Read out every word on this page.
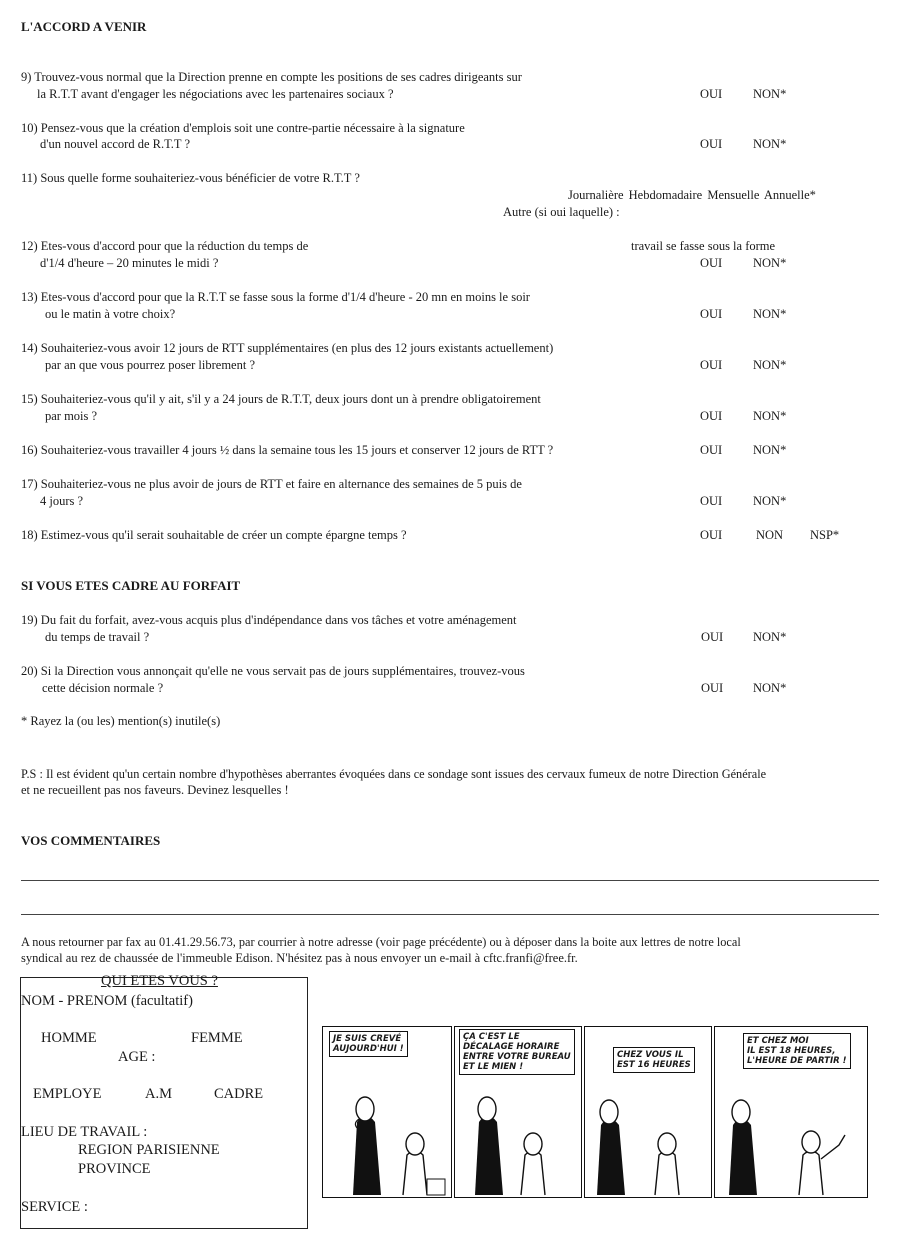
L'ACCORD A VENIR
9) Trouvez-vous normal que la Direction prenne en compte les positions de ses cadres dirigeants sur
la R.T.T avant d'engager les négociations avec les partenaires sociaux ?	OUI NON*
10) Pensez-vous que la création d'emplois soit une contre-partie nécessaire à la signature
d'un nouvel accord de R.T.T ?	OUI NON*
11) Sous quelle forme souhaiteriez-vous bénéficier de votre R.T.T ?
Journalière Hebdomadaire Mensuelle Annuelle*
Autre (si oui laquelle) :
12) Etes-vous d'accord pour que la réduction du temps de	travail se fasse sous la forme
d'1/4 d'heure – 20 minutes le midi ?	OUI NON*
13) Etes-vous d'accord pour que la R.T.T se fasse sous la forme d'1/4 d'heure - 20 mn en moins le soir
ou le matin à votre choix?	OUI NON*
14) Souhaiteriez-vous avoir 12 jours de RTT supplémentaires (en plus des 12 jours existants actuellement)
par an que vous pourrez poser librement ?	OUI NON*
15) Souhaiteriez-vous qu'il y ait, s'il y a 24 jours de R.T.T, deux jours dont un à prendre obligatoirement
par mois ?	OUI NON*
16) Souhaiteriez-vous travailler 4 jours ½ dans la semaine tous les 15 jours et conserver 12 jours de RTT ?	OUI NON*
17) Souhaiteriez-vous ne plus avoir de jours de RTT et faire en alternance des semaines de 5 puis de
4 jours ?	OUI NON*
18) Estimez-vous qu'il serait souhaitable de créer un compte épargne temps ?	OUI	NON NSP*
SI VOUS ETES CADRE AU FORFAIT
19) Du fait du forfait, avez-vous acquis plus d'indépendance dans vos tâches et votre aménagement
du temps de travail ?	OUI NON*
20) Si la Direction vous annonçait qu'elle ne vous servait pas de jours supplémentaires, trouvez-vous
cette décision normale ?	OUI NON*
* Rayez la (ou les) mention(s) inutile(s)
P.S : Il est évident qu'un certain nombre d'hypothèses aberrantes évoquées dans ce sondage sont issues des cervaux fumeux de notre Direction Générale
et ne recueillent pas nos faveurs. Devinez lesquelles !
VOS COMMENTAIRES
A nous retourner par fax au 01.41.29.56.73, par courrier à notre adresse (voir page précédente) ou à déposer dans la boite aux lettres de notre local
syndical au rez de chaussée de l'immeuble Edison. N'hésitez pas à nous envoyer un e-mail à cftc.franfi@free.fr.
QUI ETES VOUS ?
NOM - PRENOM (facultatif)
HOMME	FEMME
AGE :
EMPLOYE	A.M	CADRE
LIEU DE TRAVAIL :
REGION PARISIENNE
PROVINCE
SERVICE :
JE SUIS CREVÉ
AUJOURD'HUI !
ÇA C'EST LE
DÉCALAGE HORAIRE
ENTRE VOTRE BUREAU
ET LE MIEN !
CHEZ VOUS IL
EST 16 HEURES
ET CHEZ MOI
IL EST 18 HEURES,
L'HEURE DE PARTIR !
